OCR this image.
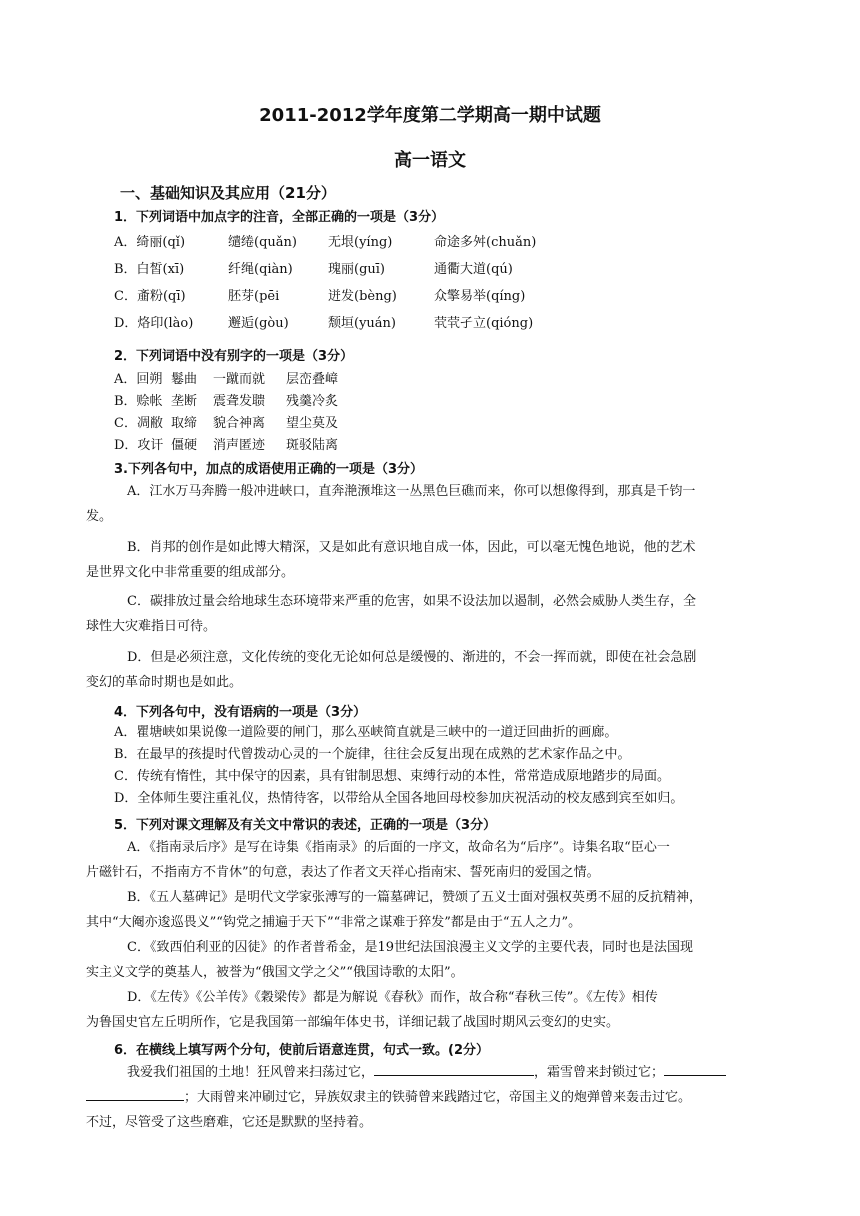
2011-2012学年度第二学期高一期中试题
高一语文
一、基础知识及其应用（21分）
1．下列词语中加点字的注音，全部正确的一项是（3分）
A．绮丽(qǐ)	缱绻(quǎn)	无垠(yíng)	命途多舛(chuǎn)
B．白皙(xī)	纤绳(qiàn)	瑰丽(guī)	通衢大道(qú)
C．齑粉(qī)	胚芽(pēi	迸发(bèng)	众擎易举(qíng)
D．烙印(lào)	邂逅(gòu)	颓垣(yuán)	茕茕孑立(qióng)
2．下列词语中没有别字的一项是（3分）
A．回朔 鬈曲	一蹴而就	层峦叠嶂
B．赊帐 垄断	震聋发聩	残羹冷炙
C．凋敝 取缔	貌合神离	望尘莫及
D．攻讦 僵硬	消声匿迹	斑驳陆离
3.下列各句中，加点的成语使用正确的一项是（3分）

A．江水万马奔腾一般冲进峡口，直奔滟滪堆这一丛黑色巨礁而来，你可以想像得到，那真是千钧一

发。

B．肖邦的创作是如此博大精深，又是如此有意识地自成一体，因此，可以毫无愧色地说，他的艺术

是世界文化中非常重要的组成部分。

C．碳排放过量会给地球生态环境带来严重的危害，如果不设法加以遏制，必然会威胁人类生存，全

球性大灾难指日可待。

D．但是必须注意，文化传统的变化无论如何总是缓慢的、渐进的，不会一挥而就，即使在社会急剧

变幻的革命时期也是如此。

4．下列各句中，没有语病的一项是（3分）

A．瞿塘峡如果说像一道险要的闸门，那么巫峡简直就是三峡中的一道迂回曲折的画廊。

B．在最早的孩提时代曾拨动心灵的一个旋律，往往会反复出现在成熟的艺术家作品之中。

C．传统有惰性，其中保守的因素，具有钳制思想、束缚行动的本性，常常造成原地踏步的局面。

D．全体师生要注重礼仪，热情待客，以带给从全国各地回母校参加庆祝活动的校友感到宾至如归。

5．下列对课文理解及有关文中常识的表述，正确的一项是（3分）

A．《指南录后序》是写在诗集《指南录》的后面的一序文，故命名为“后序”。诗集名取“臣心一

片磁针石，不指南方不肯休”的句意，表达了作者文天祥心指南宋、誓死南归的爱国之情。

B．《五人墓碑记》是明代文学家张溥写的一篇墓碑记，赞颂了五义士面对强权英勇不屈的反抗精神，

其中“大阉亦逡巡畏义”“钩党之捕遍于天下”“非常之谋难于猝发”都是由于“五人之力”。

C．《致西伯利亚的囚徒》的作者普希金，是19世纪法国浪漫主义文学的主要代表，同时也是法国现

实主义文学的奠基人，被誉为“俄国文学之父”“俄国诗歌的太阳”。

D．《左传》《公羊传》《穀梁传》都是为解说《春秋》而作，故合称“春秋三传”。《左传》相传

为鲁国史官左丘明所作，它是我国第一部编年体史书，详细记载了战国时期风云变幻的史实。

6．在横线上填写两个分句，使前后语意连贯，句式一致。(2分）

我爱我们祖国的土地！狂风曾来扫荡过它，	，霜雪曾来封锁过它；

；大雨曾来冲刷过它，异族奴隶主的铁骑曾来践踏过它，帝国主义的炮弹曾来轰击过它。

不过，尽管受了这些磨难，它还是默默的坚持着。
